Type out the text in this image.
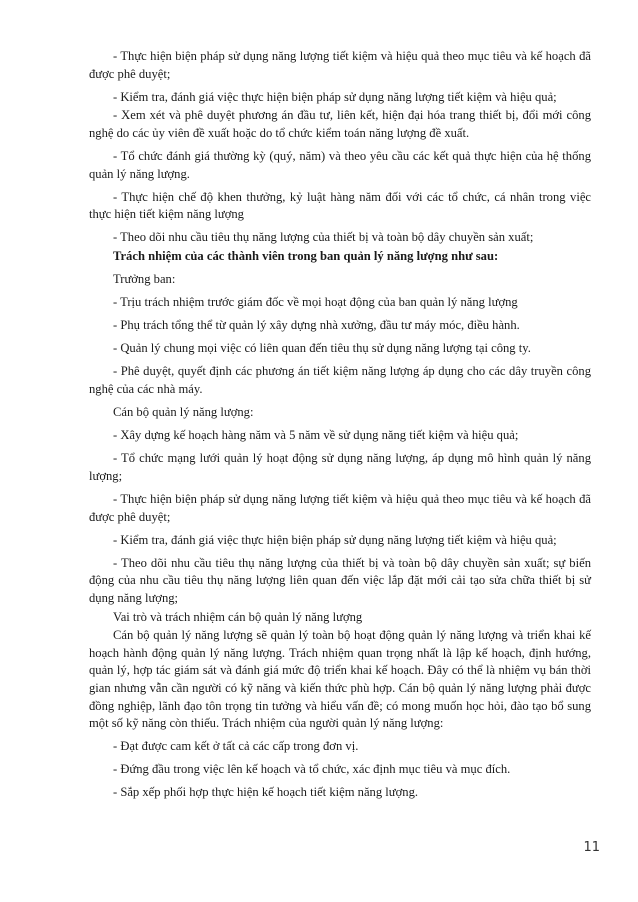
- Thực hiện biện pháp sử dụng năng lượng tiết kiệm và hiệu quả theo mục tiêu và kế hoạch đã được phê duyệt;

- Kiểm tra, đánh giá việc thực hiện biện pháp sử dụng năng lượng tiết kiệm và hiệu quả;

- Xem xét và phê duyệt phương án đầu tư, liên kết, hiện đại hóa trang thiết bị, đổi mới công nghệ do các ủy viên đề xuất hoặc do tổ chức kiểm toán năng lượng đề xuất.

- Tổ chức đánh giá thường kỳ (quý, năm) và theo yêu cầu các kết quả thực hiện của hệ thống quản lý năng lượng.

- Thực hiện chế độ khen thưởng, kỷ luật hàng năm đối với các tổ chức, cá nhân trong việc thực hiện tiết kiệm năng lượng

- Theo dõi nhu cầu tiêu thụ năng lượng của thiết bị và toàn bộ dây chuyền sản xuất;

Trách nhiệm của các thành viên trong ban quản lý năng lượng như sau:

Trưởng ban:

- Trịu trách nhiệm trước giám đốc về mọi hoạt động của ban quản lý năng lượng

- Phụ trách tổng thể từ quản lý xây dựng nhà xưởng, đầu tư máy móc, điều hành.

- Quản lý chung mọi việc có liên quan đến tiêu thụ sử dụng năng lượng tại công ty.

- Phê duyệt, quyết định các phương án tiết kiệm năng lượng áp dụng cho các dây truyền công nghệ của các nhà máy.

Cán bộ quản lý năng lượng:

- Xây dựng kế hoạch hàng năm và 5 năm về sử dụng năng tiết kiệm và hiệu quả;

- Tổ chức mạng lưới quản lý hoạt động sử dụng năng lượng, áp dụng mô hình quản lý năng lượng;

- Thực hiện biện pháp sử dụng năng lượng tiết kiệm và hiệu quả theo mục tiêu và kế hoạch đã được phê duyệt;

- Kiểm tra, đánh giá việc thực hiện biện pháp sử dụng năng lượng tiết kiệm và hiệu quả;

- Theo dõi nhu cầu tiêu thụ năng lượng của thiết bị và toàn bộ dây chuyền sản xuất; sự biến động của nhu cầu tiêu thụ năng lượng liên quan đến việc lắp đặt mới cải tạo sửa chữa thiết bị sử dụng năng lượng;

Vai trò và trách nhiệm cán bộ quản lý năng lượng

Cán bộ quản lý năng lượng sẽ quản lý toàn bộ hoạt động quản lý năng lượng và triển khai kế hoạch hành động quản lý năng lượng. Trách nhiệm quan trọng nhất là lập kế hoạch, định hướng, quản lý, hợp tác giám sát và đánh giá mức độ triển khai kế hoạch. Đây có thể là nhiệm vụ bán thời gian nhưng vẫn cần người có kỹ năng và kiến thức phù hợp. Cán bộ quản lý năng lượng phải được đồng nghiệp, lãnh đạo tôn trọng tin tưởng và hiểu vấn đề; có mong muốn học hỏi, đào tạo bổ sung một số kỹ năng còn thiếu. Trách nhiệm của người quản lý năng lượng:

- Đạt được cam kết ở tất cả các cấp trong đơn vị.

- Đứng đầu trong việc lên kế hoạch và tổ chức, xác định mục tiêu và mục đích.

- Sắp xếp phối hợp thực hiện kế hoạch tiết kiệm năng lượng.

11
